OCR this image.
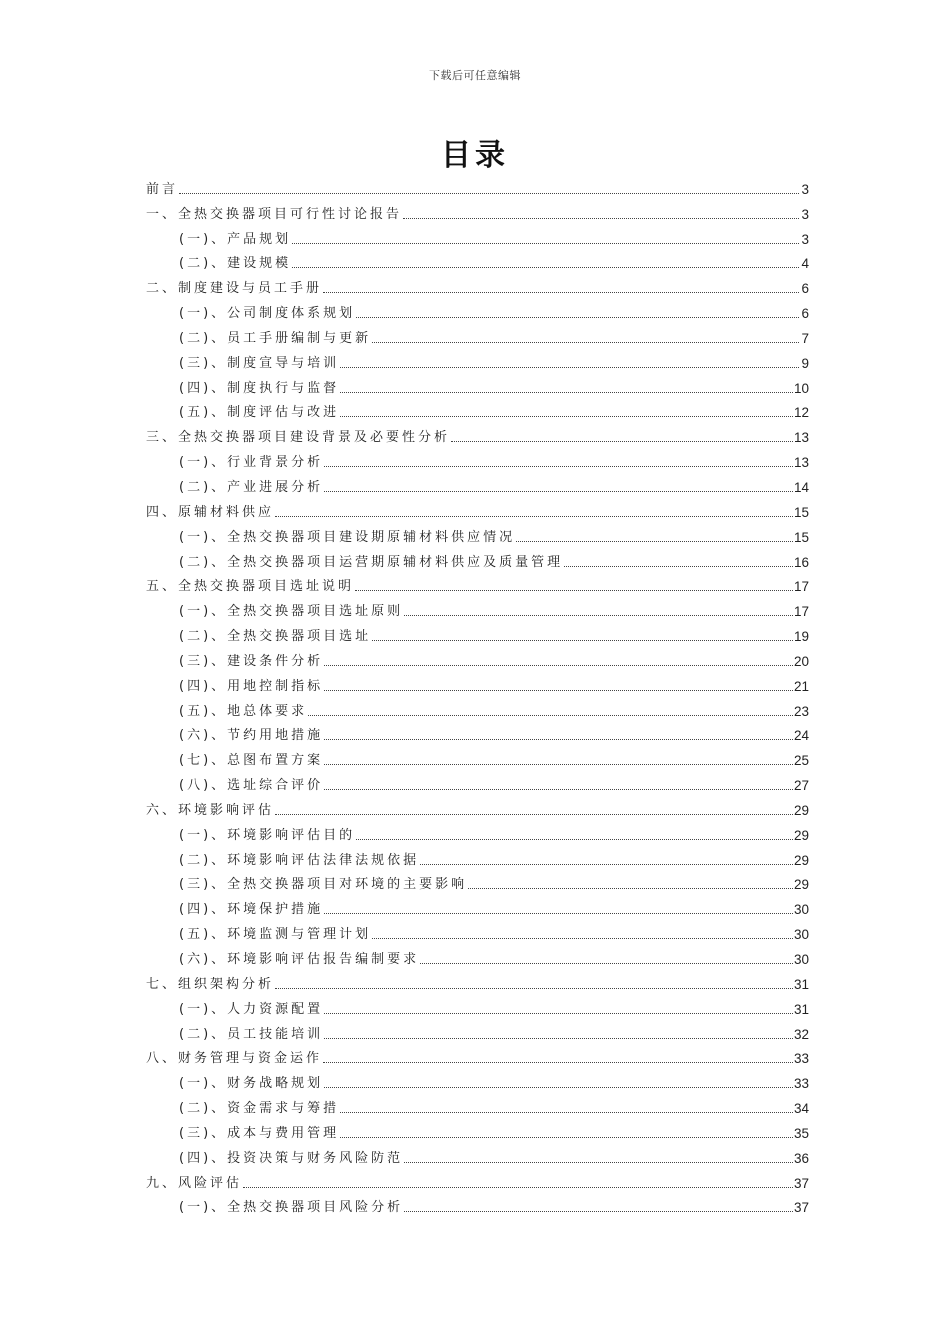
下载后可任意编辑
目录
前言	3
一、全热交换器项目可行性讨论报告	3
(一)、产品规划	3
(二)、建设规模	4
二、制度建设与员工手册	6
(一)、公司制度体系规划	6
(二)、员工手册编制与更新	7
(三)、制度宣导与培训	9
(四)、制度执行与监督	10
(五)、制度评估与改进	12
三、全热交换器项目建设背景及必要性分析	13
(一)、行业背景分析	13
(二)、产业进展分析	14
四、原辅材料供应	15
(一)、全热交换器项目建设期原辅材料供应情况	15
(二)、全热交换器项目运营期原辅材料供应及质量管理	16
五、全热交换器项目选址说明	17
(一)、全热交换器项目选址原则	17
(二)、全热交换器项目选址	19
(三)、建设条件分析	20
(四)、用地控制指标	21
(五)、地总体要求	23
(六)、节约用地措施	24
(七)、总图布置方案	25
(八)、选址综合评价	27
六、环境影响评估	29
(一)、环境影响评估目的	29
(二)、环境影响评估法律法规依据	29
(三)、全热交换器项目对环境的主要影响	29
(四)、环境保护措施	30
(五)、环境监测与管理计划	30
(六)、环境影响评估报告编制要求	30
七、组织架构分析	31
(一)、人力资源配置	31
(二)、员工技能培训	32
八、财务管理与资金运作	33
(一)、财务战略规划	33
(二)、资金需求与筹措	34
(三)、成本与费用管理	35
(四)、投资决策与财务风险防范	36
九、风险评估	37
(一)、全热交换器项目风险分析	37
